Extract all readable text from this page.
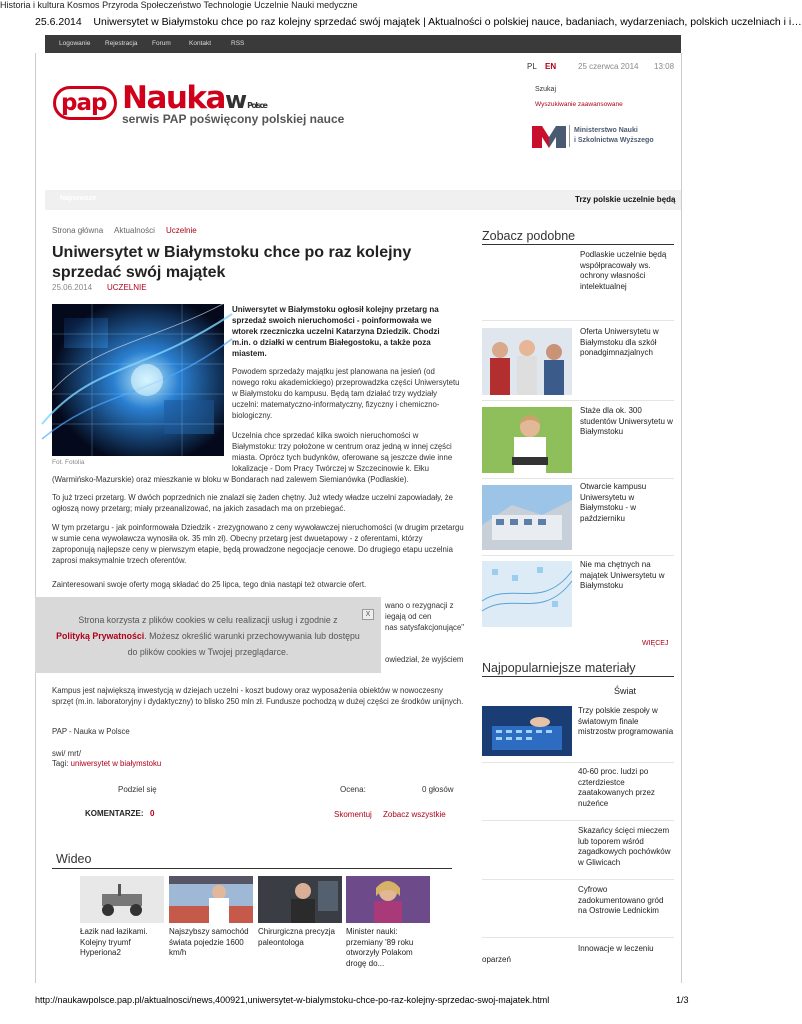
25.6.2014 Uniwersytet w Białymstoku chce po raz kolejny sprzedać swój majątek | Aktualności o polskiej nauce, badaniach, wydarzeniach, polskich uczelniach i i…
Logowanie Rejestracja Forum	Kontakt	RSS
PL EN	25 czerwca 2014 13:08
pap NaukawPolsce
serwis PAP poświęcony polskiej nauce
Szukaj
Wyszukiwanie zaawansowane
Ministerstwo Nauki
i Szkolnictwa Wyższego
Historia i kultura Kosmos Przyroda Społeczeństwo Technologie Uczelnie Nauki medyczne
Najnowsze	Trzy polskie uczelnie będą
Strona główna Aktualności Uczelnie
Uniwersytet w Białymstoku chce po raz kolejny sprzedać swój majątek
25.06.2014 UCZELNIE
Fot. Fotolia
Uniwersytet w Białymstoku ogłosił kolejny przetarg na sprzedaż swoich nieruchomości - poinformowała we wtorek rzeczniczka uczelni Katarzyna Dziedzik. Chodzi m.in. o działki w centrum Białegostoku, a także poza miastem.
Powodem sprzedaży majątku jest planowana na jesień (od nowego roku akademickiego) przeprowadzka części Uniwersytetu w Białymstoku do kampusu. Będą tam działać trzy wydziały uczelni: matematyczno-informatyczny, fizyczny i chemiczno-biologiczny.
Uczelnia chce sprzedać kilka swoich nieruchomości w Białymstoku: trzy położone w centrum oraz jedną w innej części miasta. Oprócz tych budynków, oferowane są jeszcze dwie inne lokalizacje - Dom Pracy Twórczej w Szczecinowie k. Ełku
(Warmińsko-Mazurskie) oraz mieszkanie w bloku w Bondarach nad zalewem Siemianówka (Podlaskie).
To już trzeci przetarg. W dwóch poprzednich nie znalazł się żaden chętny. Już wtedy władze uczelni zapowiadały, że ogłoszą nowy przetarg; miały przeanalizować, na jakich zasadach ma on przebiegać.
W tym przetargu - jak poinformowała Dziedzik - zrezygnowano z ceny wywoławczej nieruchomości (w drugim przetargu w sumie cena wywoławcza wynosiła ok. 35 mln zł). Obecny przetarg jest dwuetapowy - z oferentami, którzy zaproponują najlepsze ceny w pierwszym etapie, będą prowadzone negocjacje cenowe. Do drugiego etapu uczelnia zaprosi maksymalnie trzech oferentów.
Zainteresowani swoje oferty mogą składać do 25 lipca, tego dnia nastąpi też otwarcie ofert.
wano o rezygnacji z
iegają od cen
nas satysfakcjonujące"
owiedział, że wyjściem
Kampus jest największą inwestycją w dziejach uczelni - koszt budowy oraz wyposażenia obiektów w nowoczesny sprzęt (m.in. laboratoryjny i dydaktyczny) to blisko 250 mln zł. Fundusze pochodzą w dużej części ze środków unijnych.
PAP - Nauka w Polsce
swi/ mrt/
Tagi: uniwersytet w białymstoku
Strona korzysta z plików cookies w celu realizacji usług i zgodnie z
Polityką Prywatności. Możesz określić warunki przechowywania lub dostępu do plików cookies w Twojej przeglądarce.
X
Podziel się	Ocena:	0 głosów
KOMENTARZE: 0	Skomentuj Zobacz wszystkie
Wideo
Łazik nad łazikami. Kolejny tryumf Hyperiona2
Najszybszy samochód świata pojedzie 1600 km/h
Chirurgiczna precyzja paleontologa
Minister nauki: przemiany '89 roku otworzyły Polakom drogę do...
Zobacz podobne
Podlaskie uczelnie będą współpracowały ws. ochrony własności intelektualnej
Oferta Uniwersytetu w Białymstoku dla szkół ponadgimnazjalnych
Staże dla ok. 300 studentów Uniwersytetu w Białymstoku
Otwarcie kampusu Uniwersytetu w Białymstoku - w październiku
Nie ma chętnych na majątek Uniwersytetu w Białymstoku
WIĘCEJ
Najpopularniejsze materiały
Świat
Trzy polskie zespoły w światowym finale mistrzostw programowania
40-60 proc. ludzi po czterdziestce zaatakowanych przez nużeńce
Skazańcy ścięci mieczem lub toporem wśród zagadkowych pochówków w Gliwicach
Cyfrowo zadokumentowano gród na Ostrowie Lednickim
Innowacje w leczeniu
oparzeń
http://naukawpolsce.pap.pl/aktualnosci/news,400921,uniwersytet-w-bialymstoku-chce-po-raz-kolejny-sprzedac-swoj-majatek.html	1/3
